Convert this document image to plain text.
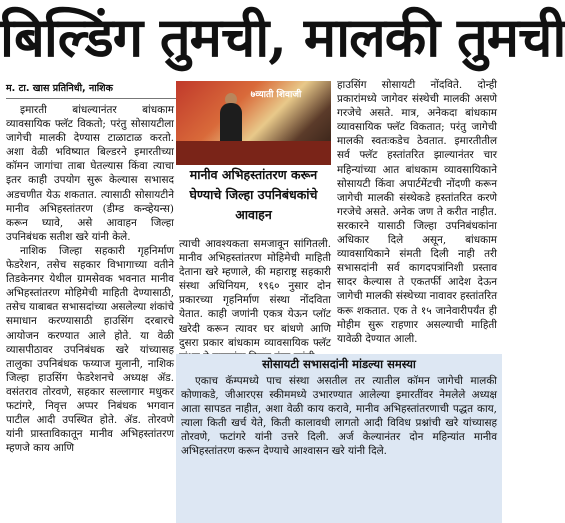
बिल्डिंग तुमची, मालकी तुमची
म. टा. खास प्रतिनिधी, नाशिक

इमारती बांधल्यानंतर बांधकाम व्यावसायिक फ्लॅट विकतो; परंतु सोसायटीला जागेची मालकी देण्यास टाळाटाळ करतो. अशा वेळी भविष्यात बिल्डरने इमारतीच्या कॉमन जागांचा ताबा घेतल्यास किंवा त्याचा इतर काही उपयोग सुरू केल्यास सभासद अडचणीत येऊ शकतात. त्यासाठी सोसायटीने मानीव अभिहस्तांतरण (डीम्ड कन्व्हेयन्स) करून घ्यावे, असे आवाहन जिल्हा उपनिबंधक सतीश खरे यांनी केले.

नाशिक जिल्हा सहकारी गृहनिर्माण फेडरेशन, तसेच सहकार विभागाच्या वतीने तिडकेनगर येथील ग्रामसेवक भवनात मानीव अभिहस्तांतरण मोहिमेची माहिती देण्यासाठी, तसेच याबाबत सभासदांच्या असलेल्या शंकांचे समाधान करण्यासाठी हाउसिंग दरबारचे आयोजन करण्यात आले होते. या वेळी व्यासपीठावर उपनिबंधक खरे यांच्यासह तालुका उपनिबंधक फय्याज मुलानी, नाशिक जिल्हा हाउसिंग फेडरेशनचे अध्यक्ष ॲड. वसंतराव तोरवणे, सहकार सल्लागार मधुकर फटांगरे, निवृत्त अप्पर निबंधक भगवान पाटील आदी उपस्थित होते. ॲड. तोरवणे यांनी प्रास्ताविकातून मानीव अभिहस्तांतरण म्हणजे काय आणि

७व्याती शिवाजी
मानीव अभिहस्तांतरण करून घेण्याचे जिल्हा उपनिबंधकांचे आवाहन

त्याची आवश्यकता समजावून सांगितली. मानीव अभिहस्तांतरण मोहिमेची माहिती देताना खरे म्हणाले, की महाराष्ट्र सहकारी संस्था अधिनियम, १९६० नुसार दोन प्रकारच्या गृहनिर्माण संस्था नोंदविता येतात. काही जणांनी एकत्र येऊन प्लॉट खरेदी करून त्यावर घर बांधणे आणि दुसरा प्रकार बांधकाम व्यावसायिक फ्लॅट

हाउसिंग सोसायटी नोंदविते. दोन्ही प्रकारांमध्ये जागेवर संस्थेची मालकी असणे गरजेचे असते. मात्र, अनेकदा बांधकाम व्यावसायिक फ्लॅट विकतात; परंतु जागेची मालकी स्वतःकडेच ठेवतात. इमारतीतील सर्व फ्लॅट हस्तांतरित झाल्यानंतर चार महिन्यांच्या आत बांधकाम व्यावसायिकाने सोसायटी किंवा अपार्टमेंटची नोंदणी करून जागेची मालकी संस्थेकडे हस्तांतरित करणे गरजेचे असते. अनेक जण ते करीत नाहीत. सरकारने यासाठी जिल्हा उपनिबंधकांना अधिकार दिले असून, बांधकाम व्यावसायिकाने संमती दिली नाही तरी सभासदांनी सर्व कागदपत्रांनिशी प्रस्ताव सादर केल्यास ते एकतर्फी आदेश देऊन जागेची मालकी संस्थेच्या नावावर हस्तांतरित करू शकतात. एक ते १५ जानेवारीपर्यंत ही मोहीम सुरू राहणार असल्याची माहिती यावेळी देण्यात आली.

सोसायटी सभासदांनी मांडल्या समस्या

एकाच कॅम्पमध्ये पाच संस्था असतील तर त्यातील कॉमन जागेची मालकी कोणाकडे, जीआरएस स्कीममध्ये उभारण्यात आलेल्या इमारतींवर नेमलेले अध्यक्ष आता सापडत नाहीत, अशा वेळी काय करावे, मानीव अभिहस्तांतरणाची पद्धत काय, त्याला किती खर्च येते, किती कालावधी लागतो आदी विविध प्रश्नांची खरे यांच्यासह तोरवणे, फटांगरे यांनी उत्तरे दिली. अर्ज केल्यानंतर दोन महिन्यांत मानीव अभिहस्तांतरण करून देण्याचे आश्वासन खरे यांनी दिले.
